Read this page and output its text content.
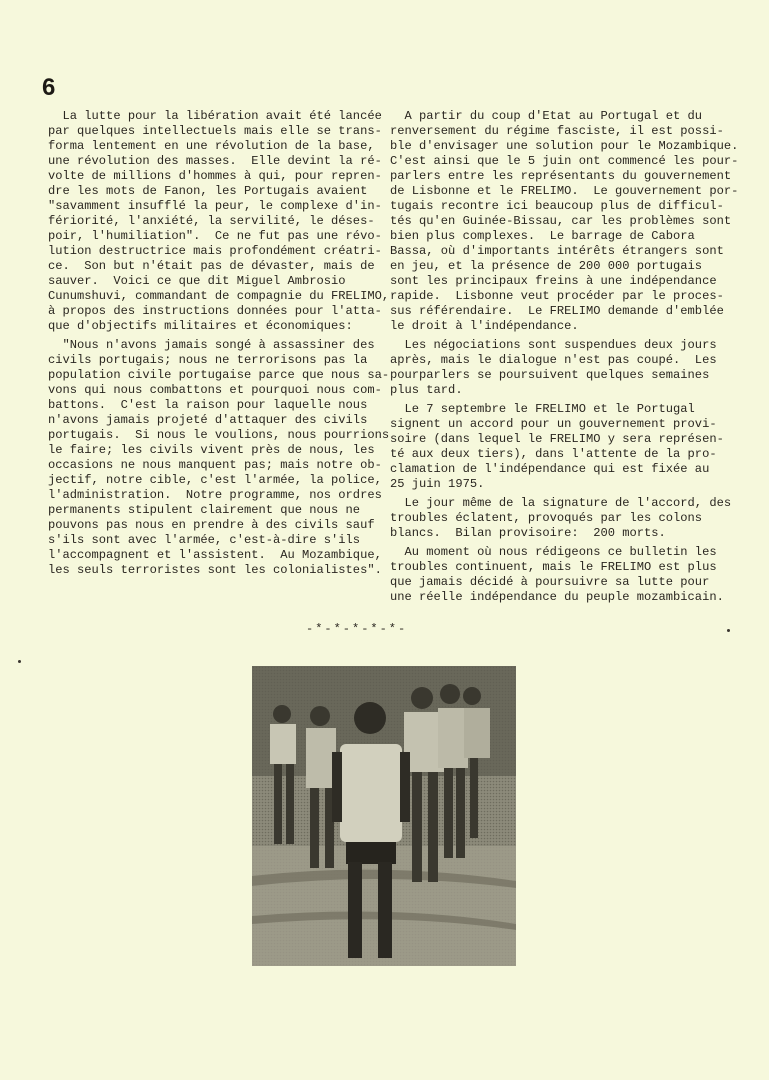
6
La lutte pour la libération avait été lancée
par quelques intellectuels mais elle se trans-
forma lentement en une révolution de la base,
une révolution des masses.  Elle devint la ré-
volte de millions d'hommes à qui, pour repren-
dre les mots de Fanon, les Portugais avaient
"savamment insufflé la peur, le complexe d'in-
fériorité, l'anxiété, la servilité, le déses-
poir, l'humiliation".  Ce ne fut pas une révo-
lution destructrice mais profondément créatri-
ce.  Son but n'était pas de dévaster, mais de
sauver.  Voici ce que dit Miguel Ambrosio
Cunumshuvi, commandant de compagnie du FRELIMO,
à propos des instructions données pour l'atta-
que d'objectifs militaires et économiques:
"Nous n'avons jamais songé à assassiner des
civils portugais; nous ne terrorisons pas la
population civile portugaise parce que nous sa-
vons qui nous combattons et pourquoi nous com-
battons.  C'est la raison pour laquelle nous
n'avons jamais projeté d'attaquer des civils
portugais.  Si nous le voulions, nous pourrions
le faire; les civils vivent près de nous, les
occasions ne nous manquent pas; mais notre ob-
jectif, notre cible, c'est l'armée, la police,
l'administration.  Notre programme, nos ordres
permanents stipulent clairement que nous ne
pouvons pas nous en prendre à des civils sauf
s'ils sont avec l'armée, c'est-à-dire s'ils
l'accompagnent et l'assistent.  Au Mozambique,
les seuls terroristes sont les colonialistes".
A partir du coup d'Etat au Portugal et du
renversement du régime fasciste, il est possi-
ble d'envisager une solution pour le Mozambique.
C'est ainsi que le 5 juin ont commencé les pour-
parlers entre les représentants du gouvernement
de Lisbonne et le FRELIMO.  Le gouvernement por-
tugais recontre ici beaucoup plus de difficul-
tés qu'en Guinée-Bissau, car les problèmes sont
bien plus complexes.  Le barrage de Cabora
Bassa, où d'importants intérêts étrangers sont
en jeu, et la présence de 200 000 portugais
sont les principaux freins à une indépendance
rapide.  Lisbonne veut procéder par le proces-
sus référendaire.  Le FRELIMO demande d'emblée
le droit à l'indépendance.
Les négociations sont suspendues deux jours
après, mais le dialogue n'est pas coupé.  Les
pourparlers se poursuivent quelques semaines
plus tard.
Le 7 septembre le FRELIMO et le Portugal
signent un accord pour un gouvernement provi-
soire (dans lequel le FRELIMO y sera représen-
té aux deux tiers), dans l'attente de la pro-
clamation de l'indépendance qui est fixée au
25 juin 1975.
Le jour même de la signature de l'accord, des
troubles éclatent, provoqués par les colons
blancs.  Bilan provisoire:  200 morts.
Au moment où nous rédigeons ce bulletin les
troubles continuent, mais le FRELIMO est plus
que jamais décidé à poursuivre sa lutte pour
une réelle indépendance du peuple mozambicain.
-*-*-*-*-*-
